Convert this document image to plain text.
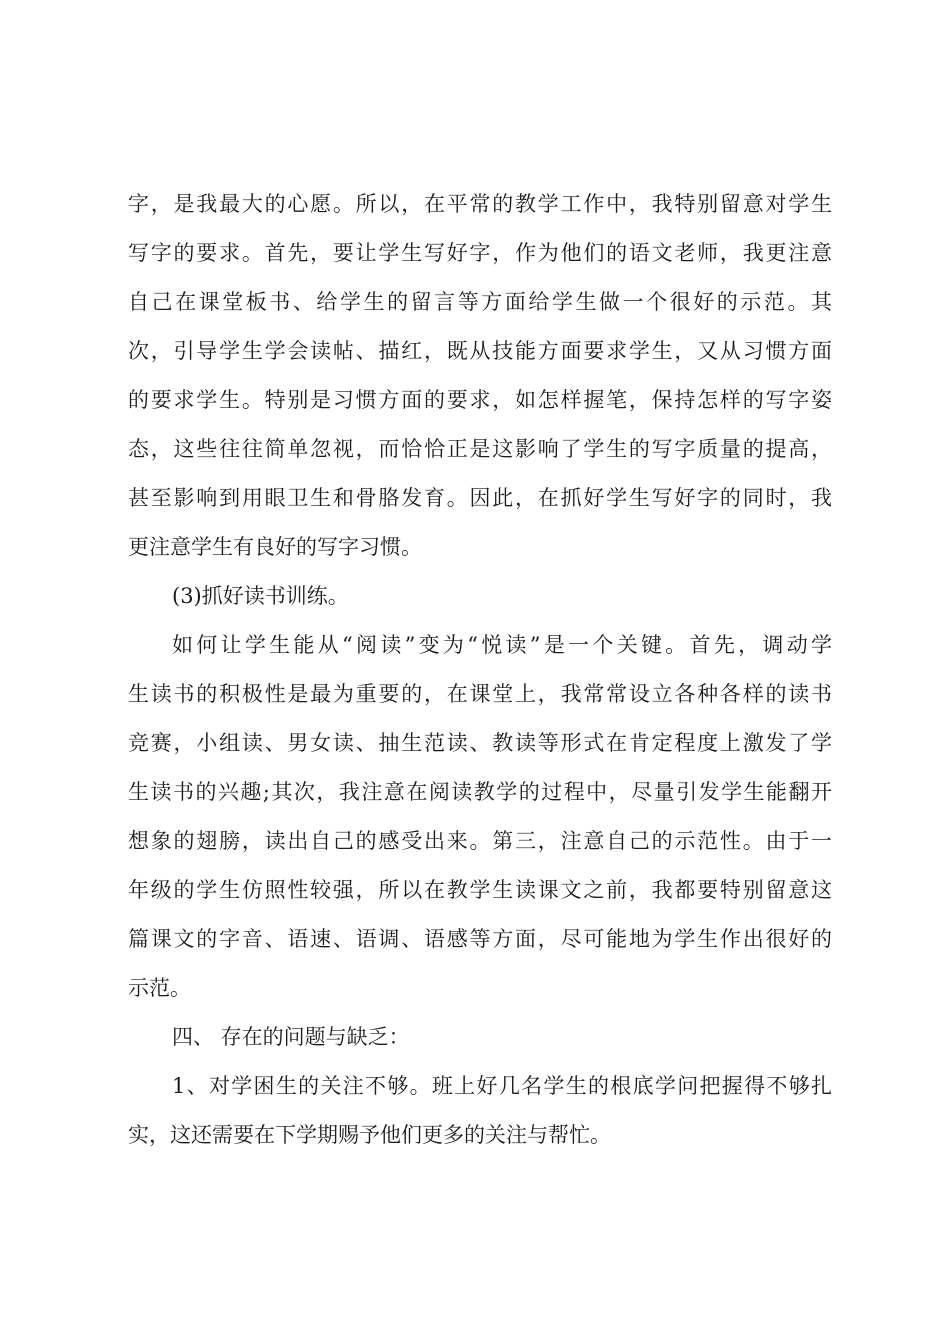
字，是我最大的心愿。所以，在平常的教学工作中，我特别留意对学生
写字的要求。首先，要让学生写好字，作为他们的语文老师，我更注意
自己在课堂板书、给学生的留言等方面给学生做一个很好的示范。其
次，引导学生学会读帖、描红，既从技能方面要求学生，又从习惯方面
的要求学生。特别是习惯方面的要求，如怎样握笔，保持怎样的写字姿
态，这些往往简单忽视，而恰恰正是这影响了学生的写字质量的提高，
甚至影响到用眼卫生和骨胳发育。因此，在抓好学生写好字的同时，我
更注意学生有良好的写字习惯。
(3)抓好读书训练。
如何让学生能从“阅读”变为“悦读”是一个关键。首先，调动学
生读书的积极性是最为重要的，在课堂上，我常常设立各种各样的读书
竞赛，小组读、男女读、抽生范读、教读等形式在肯定程度上激发了学
生读书的兴趣;其次，我注意在阅读教学的过程中，尽量引发学生能翻开
想象的翅膀，读出自己的感受出来。第三，注意自己的示范性。由于一
年级的学生仿照性较强，所以在教学生读课文之前，我都要特别留意这
篇课文的字音、语速、语调、语感等方面，尽可能地为学生作出很好的
示范。
四、 存在的问题与缺乏：
1、对学困生的关注不够。班上好几名学生的根底学问把握得不够扎
实，这还需要在下学期赐予他们更多的关注与帮忙。
